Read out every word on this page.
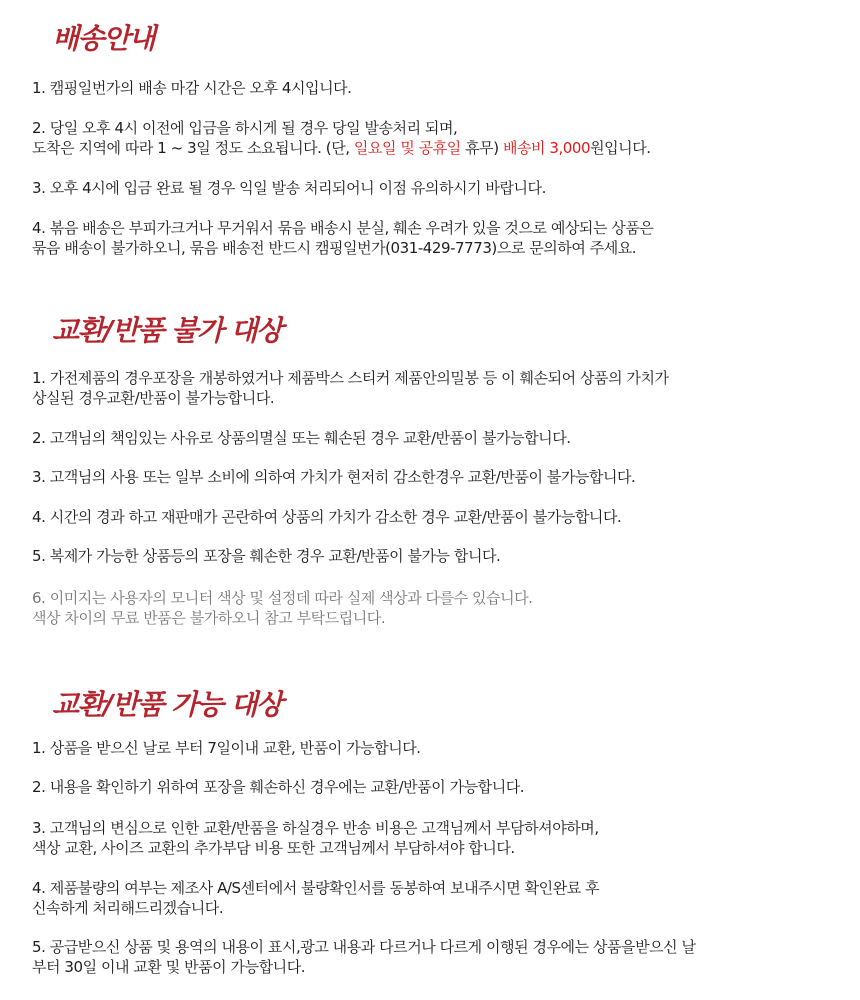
배송안내

1. 캠핑일번가의 배송 마감 시간은 오후 4시입니다.

2. 당일 오후 4시 이전에 입금을 하시게 될 경우 당일 발송처리 되며,
도착은 지역에 따라 1 ~ 3일 정도 소요됩니다. (단, 일요일 및 공휴일 휴무) 배송비 3,000원입니다.

3. 오후 4시에 입금 완료 될 경우 익일 발송 처리되어니 이점 유의하시기 바랍니다.

4. 볶음 배송은 부피가크거나 무거워서 묶음 배송시 분실, 훼손 우려가 있을 것으로 예상되는 상품은
묶음 배송이 불가하오니, 묶음 배송전 반드시 캠핑일번가(031-429-7773)으로 문의하여 주세요.

교환/반품 불가 대상

1. 가전제품의 경우포장을 개봉하였거나 제품박스 스티커 제품안의밀봉 등 이 훼손되어 상품의 가치가
상실된 경우교환/반품이 불가능합니다.

2. 고객님의 책임있는 사유로 상품의멸실 또는 훼손된 경우 교환/반품이 불가능합니다.

3. 고객님의 사용 또는 일부 소비에 의하여 가치가 현저히 감소한경우 교환/반품이 불가능합니다.

4. 시간의 경과 하고 재판매가 곤란하여 상품의 가치가 감소한 경우 교환/반품이 불가능합니다.

5. 복제가 가능한 상품등의 포장을 훼손한 경우 교환/반품이 불가능 합니다.

6. 이미지는 사용자의 모니터 색상 및 설정데 따라 실제 색상과 다를수 있습니다.
색상 차이의 무료 반품은 불가하오니 참고 부탁드립니다.

교환/반품 가능 대상

1. 상품을 받으신 날로 부터 7일이내 교환, 반품이 가능합니다.

2. 내용을 확인하기 위하여 포장을 훼손하신 경우에는 교환/반품이 가능합니다.

3. 고객님의 변심으로 인한 교환/반품을 하실경우 반송 비용은 고객님께서 부담하셔야하며,
색상 교환, 사이즈 교환의 추가부담 비용 또한 고객님께서 부담하셔야 합니다.

4. 제품불량의 여부는 제조사 A/S센터에서 불량확인서를 동봉하여 보내주시면 확인완료 후
신속하게 처리해드리겠습니다.

5. 공급받으신 상품 및 용역의 내용이 표시,광고 내용과 다르거나 다르게 이행된 경우에는 상품을받으신 날
부터 30일 이내 교환 및 반품이 가능합니다.
